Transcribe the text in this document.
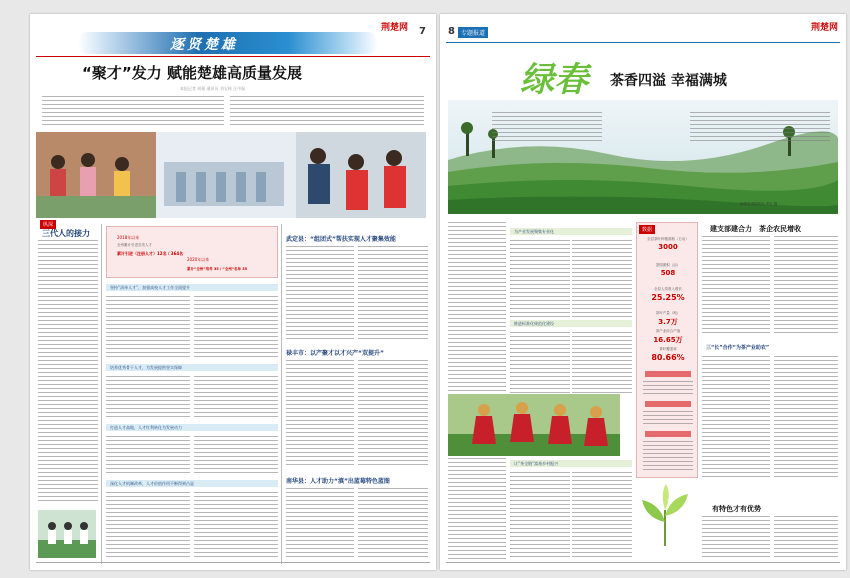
荆楚网 7
逐贤楚雄
“聚才”发力 赋能楚雄高质量发展
本报记者 胡蔓 通讯员 刘宝林 汪中磊
纵深
三代人的接力	2018年以来
全州累计引进各类人才
累计引进（注册人才）12名 / 364名
2020年以来
累计“全州”培养 35 / “全州”名单 35
坚持“清单人才”，加强高校人才工作全面提升
培养优秀骨干人才，为发展提供坚实保障
打造人才高地，人才红利转化为发展动力
深化人才机制改革，人才价值作用不断得到凸显
武定县：“组团式”帮扶实现人才聚集效能
禄丰市：以产聚才以才兴产“双提升”
南华县：人才助力“滇”出蓝莓特色蓝图
8	专题报道
荆楚网
绿春 茶香四溢 幸福满城
绿春县茶园风光 李宏 摄
为产业发展聚集专业化
推进标准化规范化建设
让“茶全链”富裕乡村振兴
数据
全县茶叶种植面积（万亩）
3000
茶园面积（亩）
508
全县人均收入增长
25.25%
茶叶产量（吨）
3.7万
茶产业综合产值
16.65万
茶叶覆盖率
80.66%
建支部建合力　茶企农民增收
三“长”合作“为茶产业助农”
有特色才有优势
